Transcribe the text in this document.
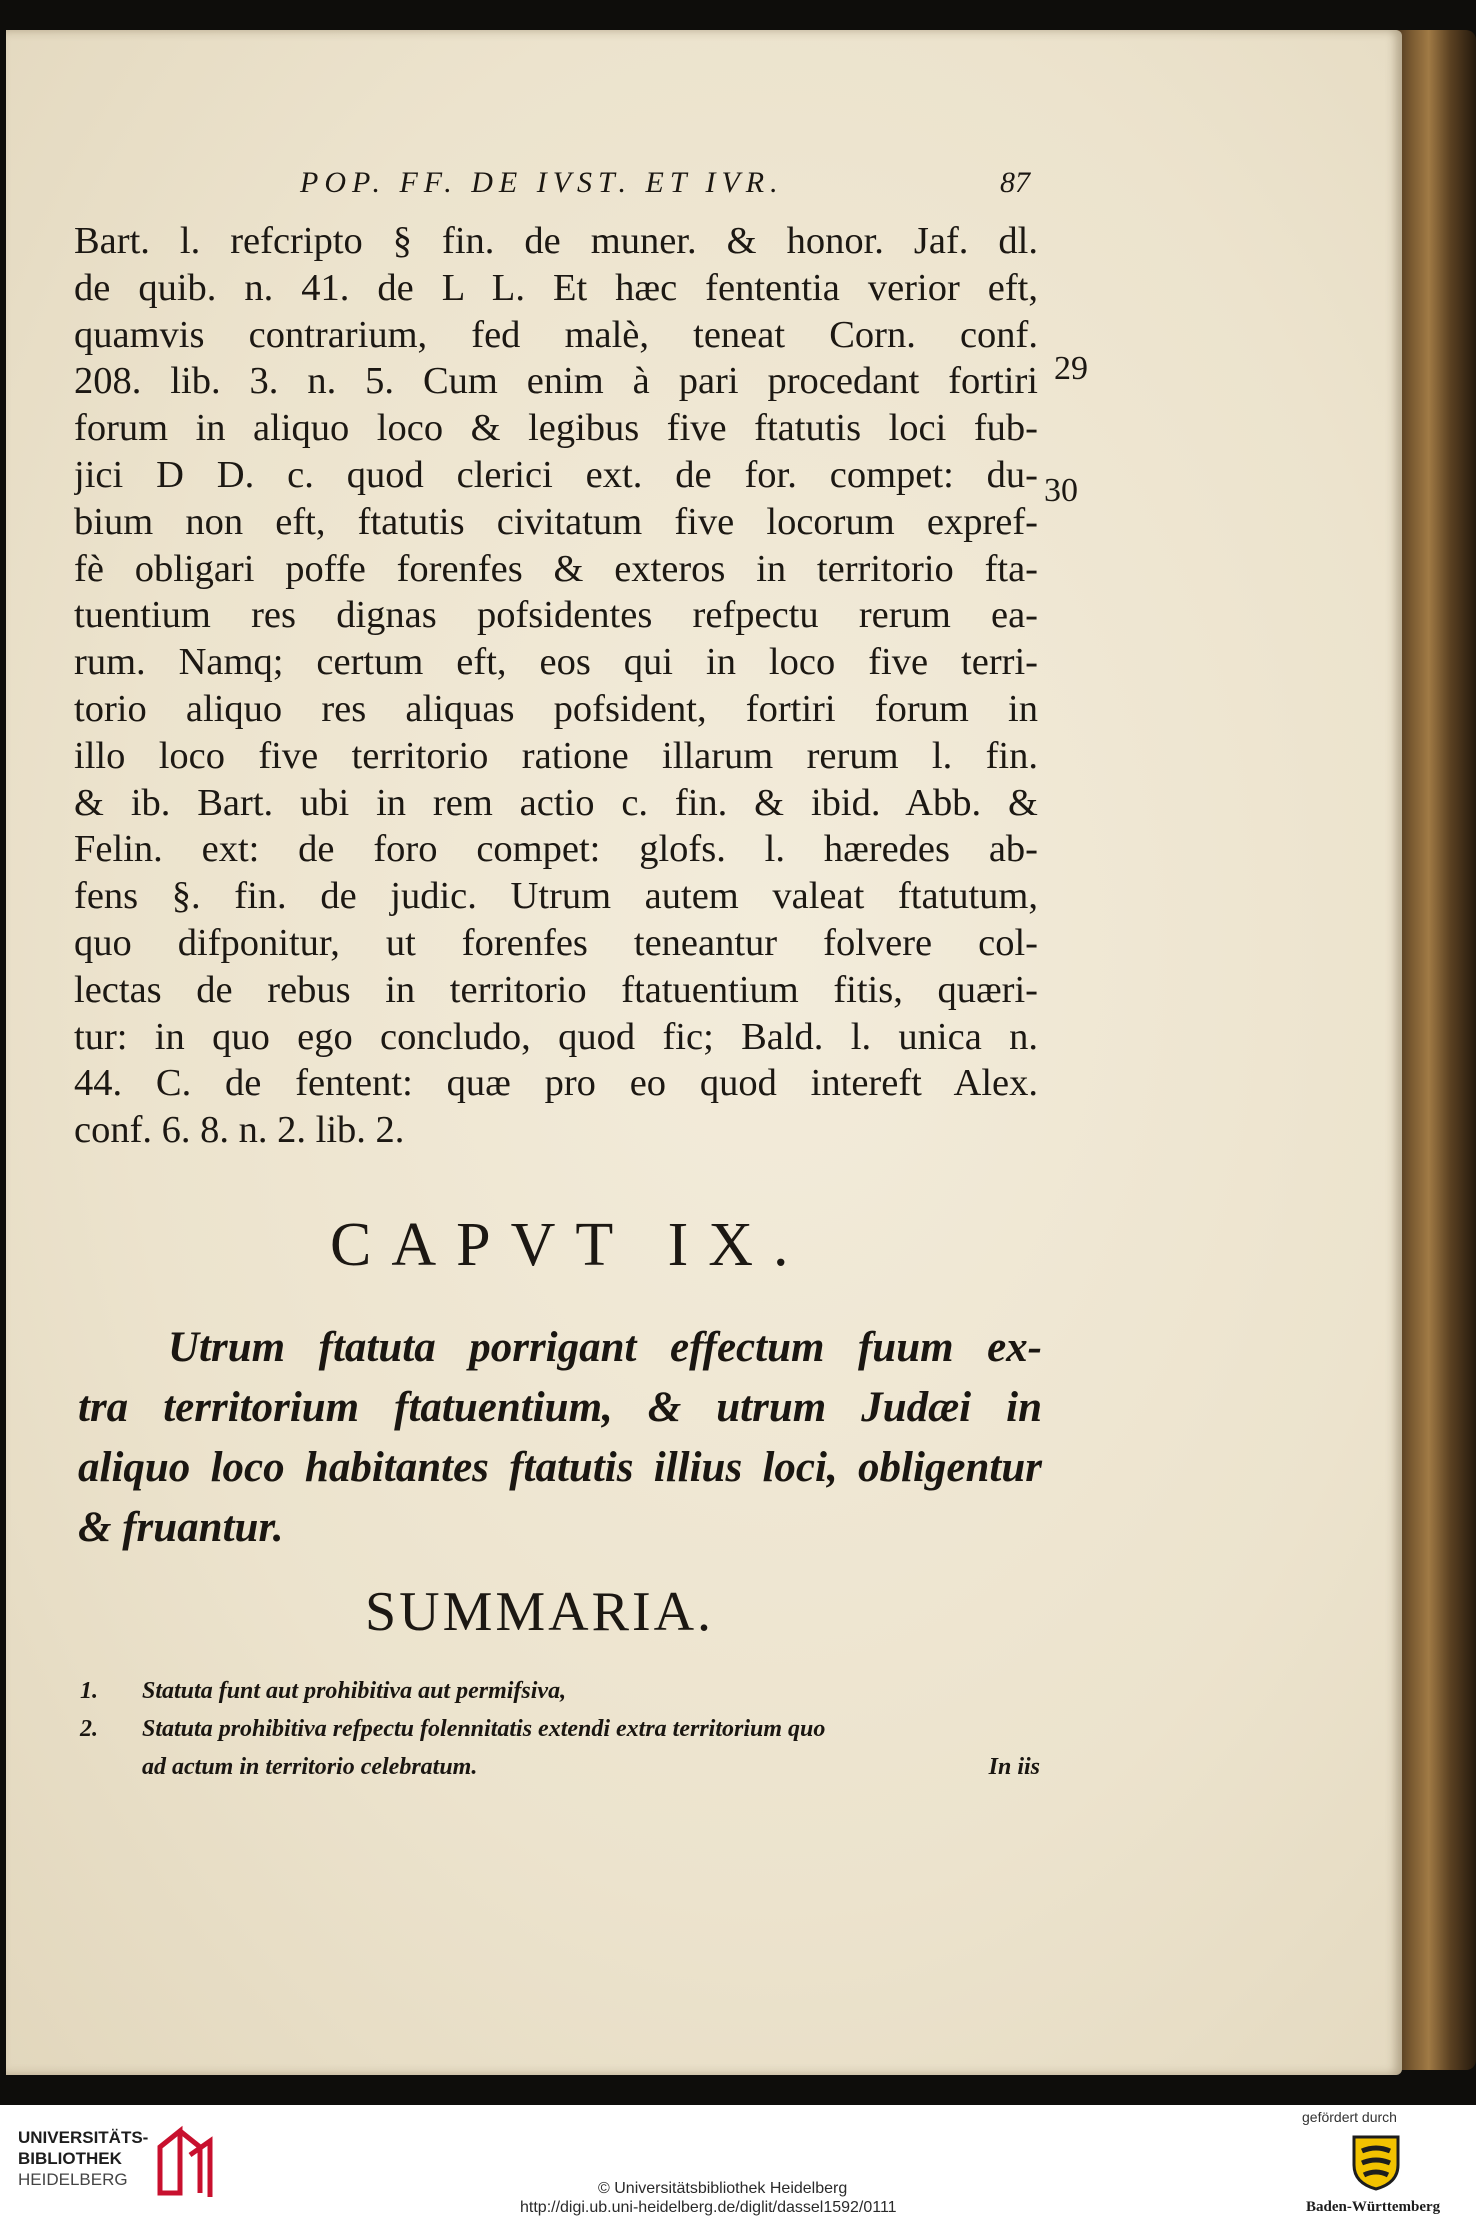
POP. FF. DE IVST. ET IVR.	87
Bart. l. refcripto § fin. de muner. & honor. Jaf. dl.
de quib. n. 41. de L L. Et hæc fententia verior eft,
quamvis contrarium, fed malè, teneat Corn. conf.
208. lib. 3. n. 5. Cum enim à pari procedant fortiri
forum in aliquo loco & legibus five ftatutis loci fub-
jici D D. c. quod clerici ext. de for. compet: du-
bium non eft, ftatutis civitatum five locorum expref-
fè obligari poffe forenfes & exteros in territorio fta-
tuentium res dignas pofsidentes refpectu rerum ea-
rum. Namq; certum eft, eos qui in loco five terri-
torio aliquo res aliquas pofsident, fortiri forum in
illo loco five territorio ratione illarum rerum l. fin.
& ib. Bart. ubi in rem actio c. fin. & ibid. Abb. &
Felin. ext: de foro compet: glofs. l. hæredes ab-
fens §. fin. de judic. Utrum autem valeat ftatutum,
quo difponitur, ut forenfes teneantur folvere col-
lectas de rebus in territorio ftatuentium fitis, quæri-
tur: in quo ego concludo, quod fic; Bald. l. unica n.
44. C. de fentent: quæ pro eo quod intereft Alex.
conf. 6. 8. n. 2. lib. 2.
29
30
CAPVT IX.
Utrum ftatuta porrigant effectum fuum ex-
tra territorium ftatuentium, & utrum Judæi in
aliquo loco habitantes ftatutis illius loci, obligentur
& fruantur.
SUMMARIA.
1. Statuta funt aut prohibitiva aut permifsiva,
2. Statuta prohibitiva refpectu folennitatis extendi extra territorium quo
ad actum in territorio celebratum.	In iis
UNIVERSITÄTS-
BIBLIOTHEK
HEIDELBERG	© Universitätsbibliothek Heidelberg
http://digi.ub.uni-heidelberg.de/diglit/dassel1592/0111
gefördert durch
Baden-Württemberg
